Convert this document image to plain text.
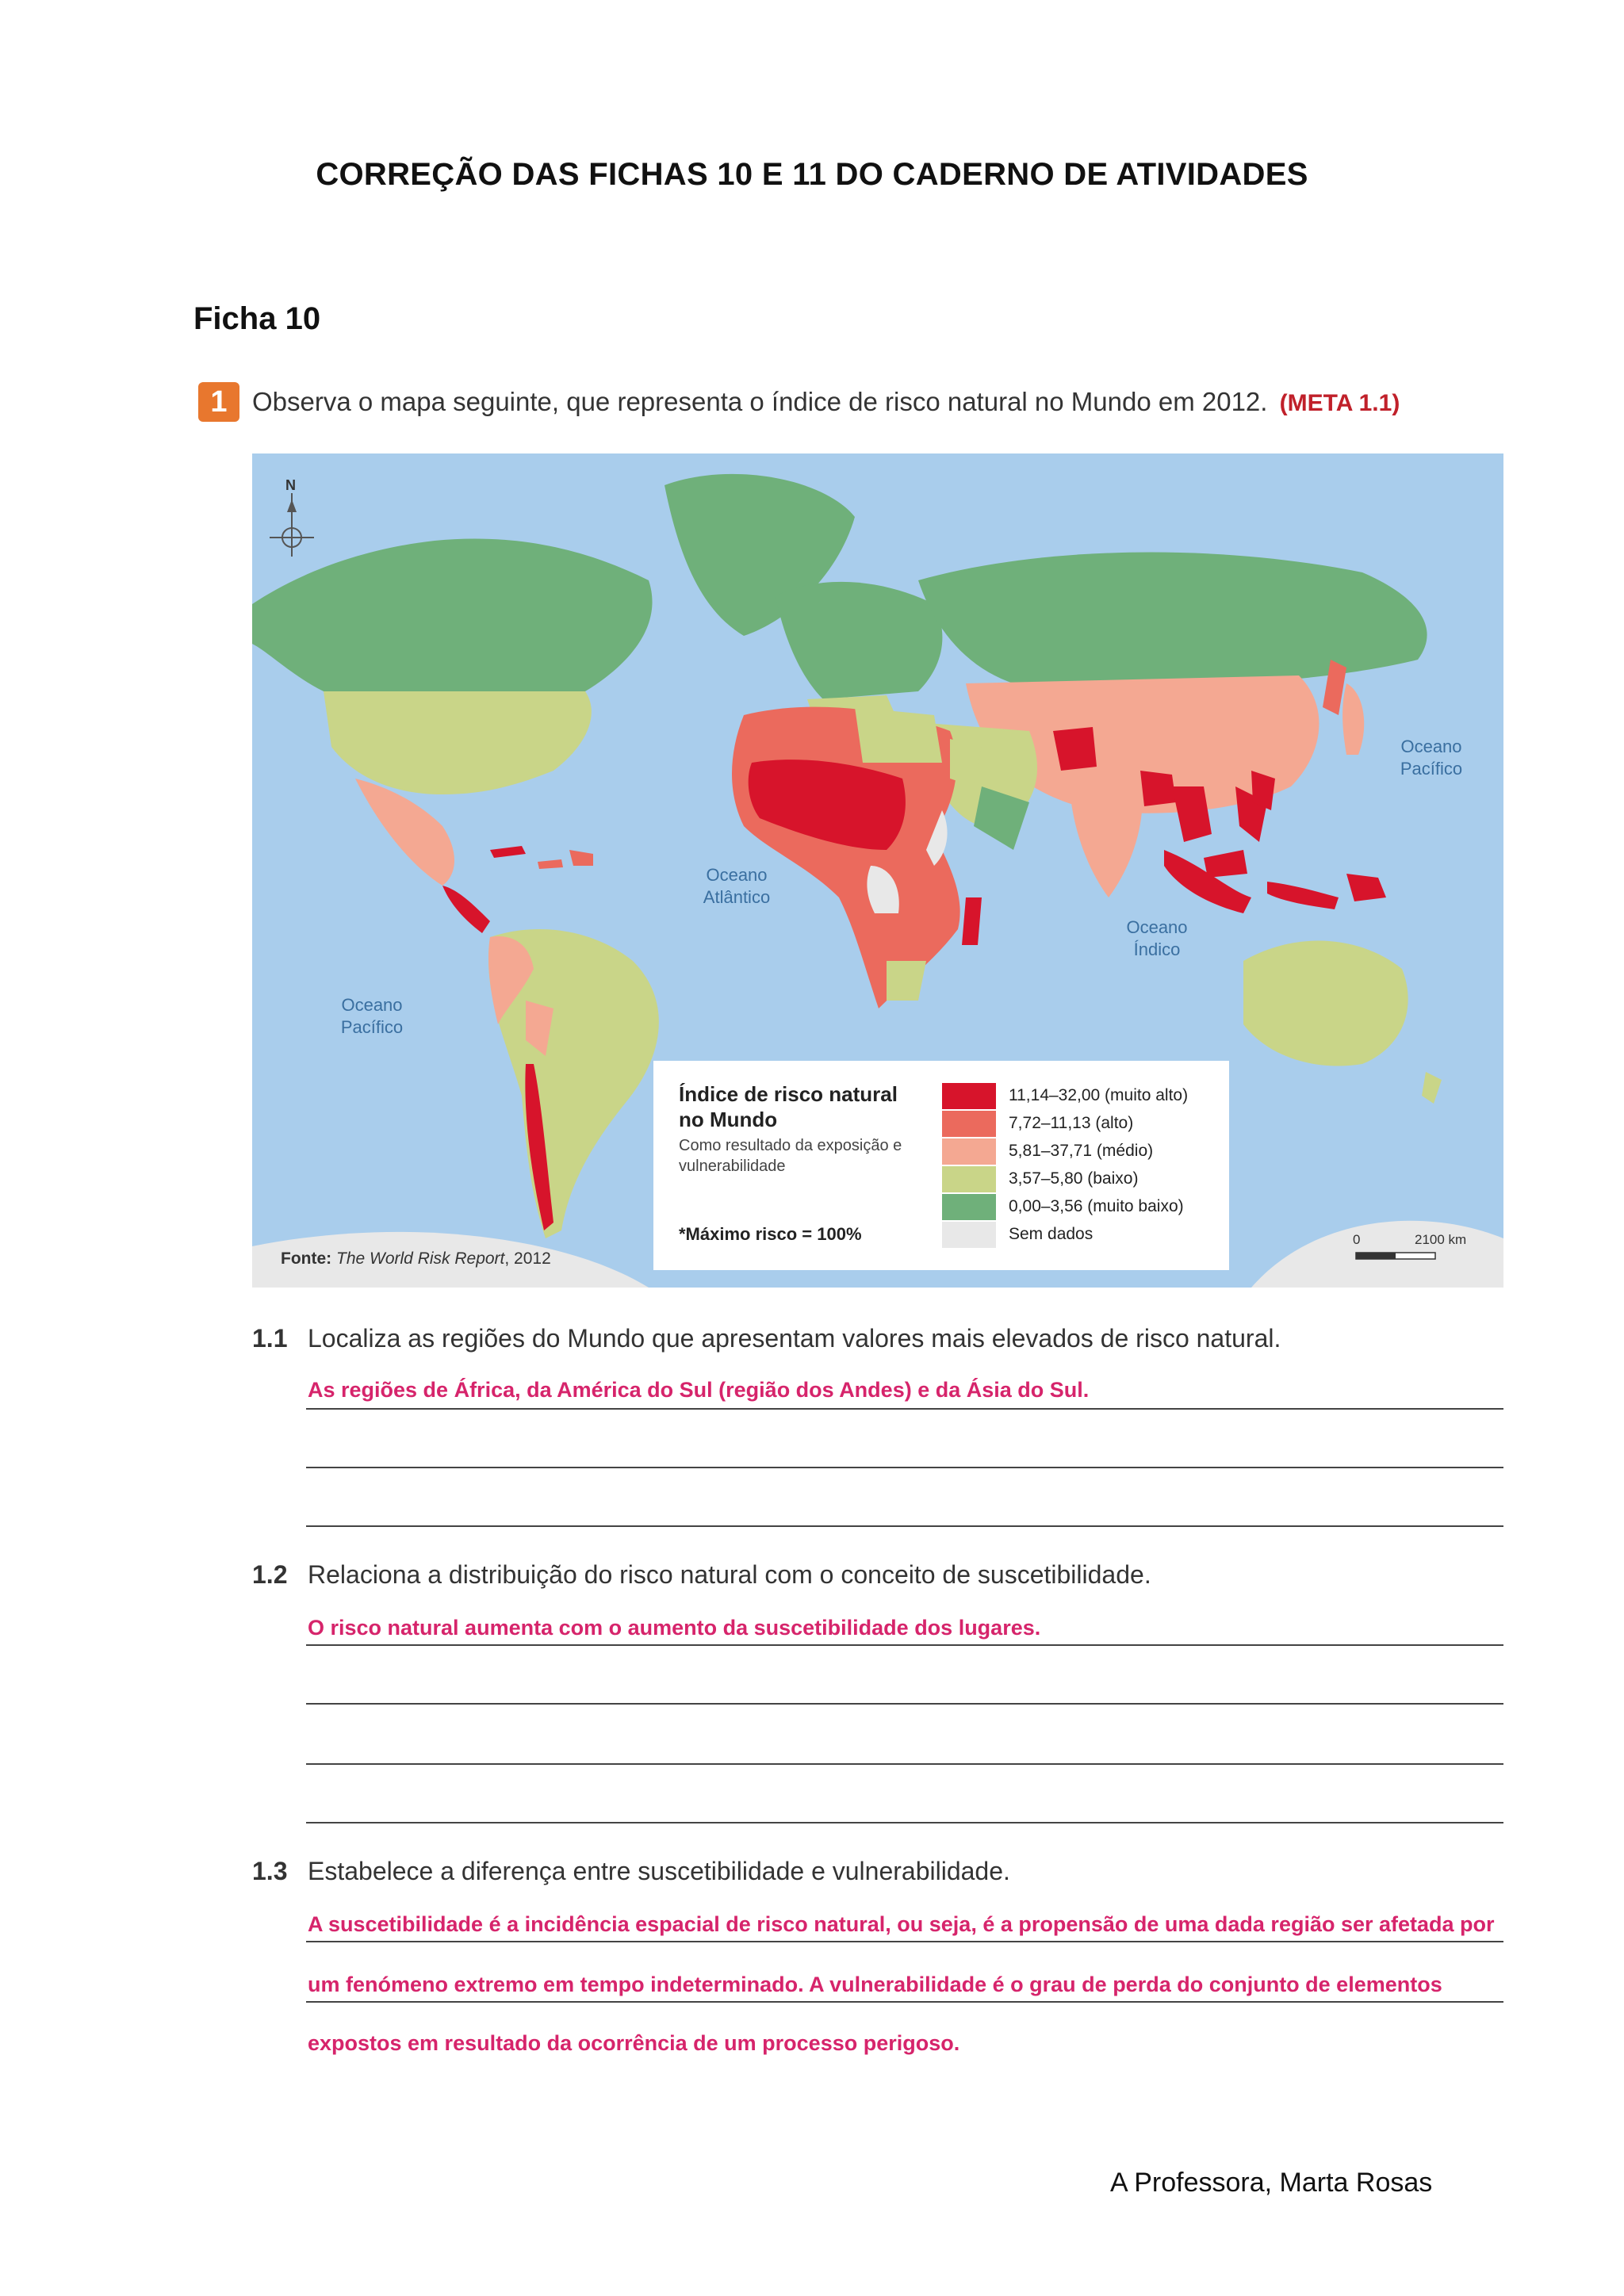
CORREÇÃO DAS FICHAS 10 E 11 DO CADERNO DE ATIVIDADES
Ficha 10
1 Observa o mapa seguinte, que representa o índice de risco natural no Mundo em 2012. (META 1.1)
N
Oceano Pacífico
Oceano Atlântico
Oceano Índico
Oceano Pacífico
Fonte: The World Risk Report, 2012
0	2100 km
Índice de risco natural no Mundo
Como resultado da exposição e vulnerabilidade
*Máximo risco = 100%
11,14–32,00 (muito alto)
7,72–11,13 (alto)
5,81–37,71 (médio)
3,57–5,80 (baixo)
0,00–3,56 (muito baixo)
Sem dados
1.1 Localiza as regiões do Mundo que apresentam valores mais elevados de risco natural.
As regiões de África, da América do Sul (região dos Andes) e da Ásia do Sul.
1.2 Relaciona a distribuição do risco natural com o conceito de suscetibilidade.
O risco natural aumenta com o aumento da suscetibilidade dos lugares.
1.3 Estabelece a diferença entre suscetibilidade e vulnerabilidade.
A suscetibilidade é a incidência espacial de risco natural, ou seja, é a propensão de uma dada região ser afetada por
um fenómeno extremo em tempo indeterminado. A vulnerabilidade é o grau de perda do conjunto de elementos
expostos em resultado da ocorrência de um processo perigoso.
A Professora, Marta Rosas
